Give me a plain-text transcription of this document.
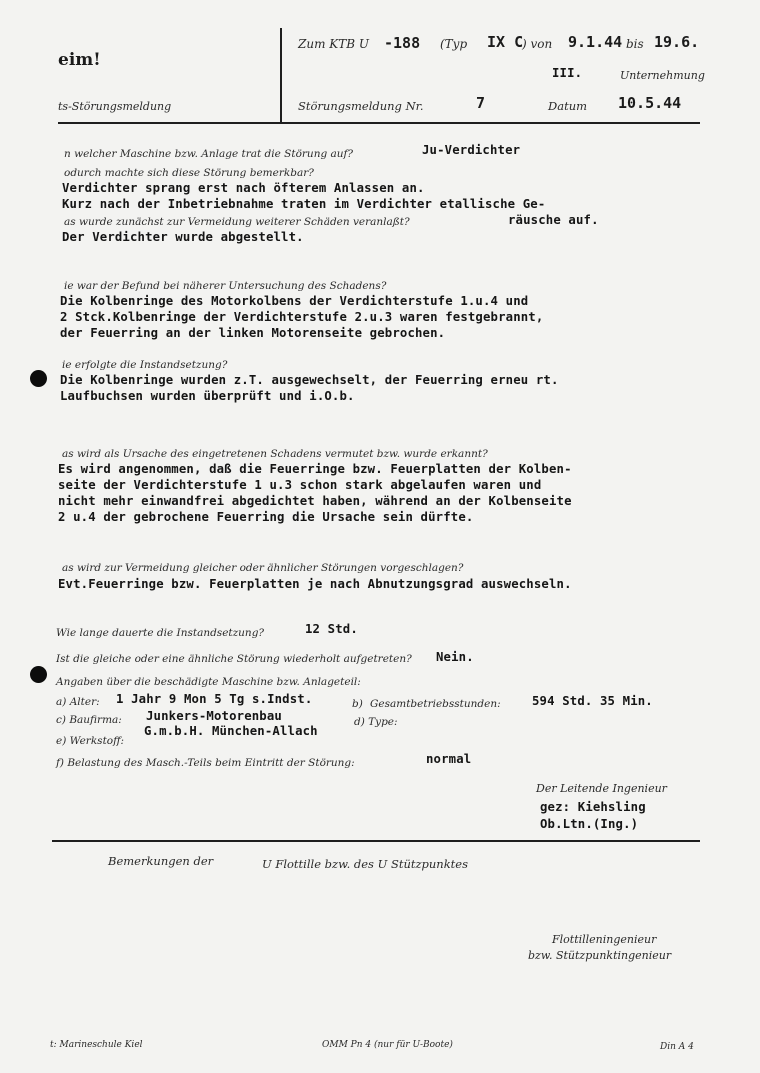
eim!
ts-Störungsmeldung
Zum KTB U -188 (Typ IX C
) von 9.1.44 bis 19.6.
III.	Unternehmung
Störungsmeldung Nr.	7	Datum 10.5.44
n welcher Maschine bzw. Anlage trat die Störung auf?	Ju-Verdichter
odurch machte sich diese Störung bemerkbar?
Verdichter sprang erst nach öfterem Anlassen an.
Kurz nach der Inbetriebnahme traten im Verdichter etallische Ge-
räusche auf.
as wurde zunächst zur Vermeidung weiterer Schäden veranlaßt?
Der Verdichter wurde abgestellt.
ie war der Befund bei näherer Untersuchung des Schadens?
Die Kolbenringe des Motorkolbens der Verdichterstufe 1.u.4 und
2 Stck.Kolbenringe der Verdichterstufe 2.u.3 waren festgebrannt,
der Feuerring an der linken Motorenseite gebrochen.
ie erfolgte die Instandsetzung?
Die Kolbenringe wurden z.T. ausgewechselt, der Feuerring erneu rt.
Laufbuchsen wurden überprüft und i.O.b.
as wird als Ursache des eingetretenen Schadens vermutet bzw. wurde erkannt?
Es wird angenommen, daß die Feuerringe bzw. Feuerplatten der Kolben-
seite der Verdichterstufe 1 u.3 schon stark abgelaufen waren und
nicht mehr einwandfrei abgedichtet haben, während an der Kolbenseite
2 u.4 der gebrochene Feuerring die Ursache sein dürfte.
as wird zur Vermeidung gleicher oder ähnlicher Störungen vorgeschlagen?
Evt.Feuerringe bzw. Feuerplatten je nach Abnutzungsgrad auswechseln.
Wie lange dauerte die Instandsetzung?	12 Std.
Ist die gleiche oder eine ähnliche Störung wiederholt aufgetreten? Nein.
Angaben über die beschädigte Maschine bzw. Anlageteil:
a) Alter: 1 Jahr 9 Mon 5 Tg s.Indst.	b) Gesamtbetriebsstunden:	594 Std. 35 Min.
c) Baufirma: Junkers-Motorenbau	d) Type:
G.m.b.H. München-Allach
e) Werkstoff:
f) Belastung des Masch.-Teils beim Eintritt der Störung:	normal
Der Leitende Ingenieur
gez: Kiehsling
Ob.Ltn.(Ing.)
Bemerkungen der	U Flottille bzw. des U Stützpunktes
Flottilleningenieur
bzw. Stützpunktingenieur
t: Marineschule Kiel	OMM Pn 4 (nur für U-Boote)	Din A 4
